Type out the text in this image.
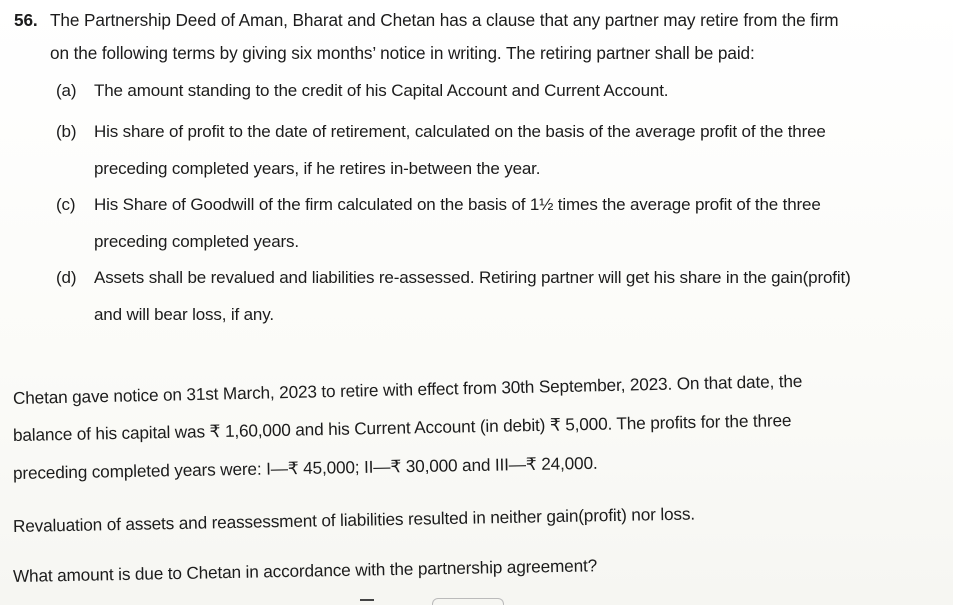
56. The Partnership Deed of Aman, Bharat and Chetan has a clause that any partner may retire from the firm
on the following terms by giving six months’ notice in writing. The retiring partner shall be paid:
(a) The amount standing to the credit of his Capital Account and Current Account.
(b) His share of profit to the date of retirement, calculated on the basis of the average profit of the three
preceding completed years, if he retires in-between the year.
(c) His Share of Goodwill of the firm calculated on the basis of 1½ times the average profit of the three
preceding completed years.
(d) Assets shall be revalued and liabilities re-assessed. Retiring partner will get his share in the gain(profit)
and will bear loss, if any.
Chetan gave notice on 31st March, 2023 to retire with effect from 30th September, 2023. On that date, the
balance of his capital was ₹ 1,60,000 and his Current Account (in debit) ₹ 5,000. The profits for the three
preceding completed years were: I—₹ 45,000; II—₹ 30,000 and III—₹ 24,000.
Revaluation of assets and reassessment of liabilities resulted in neither gain(profit) nor loss.
What amount is due to Chetan in accordance with the partnership agreement?
